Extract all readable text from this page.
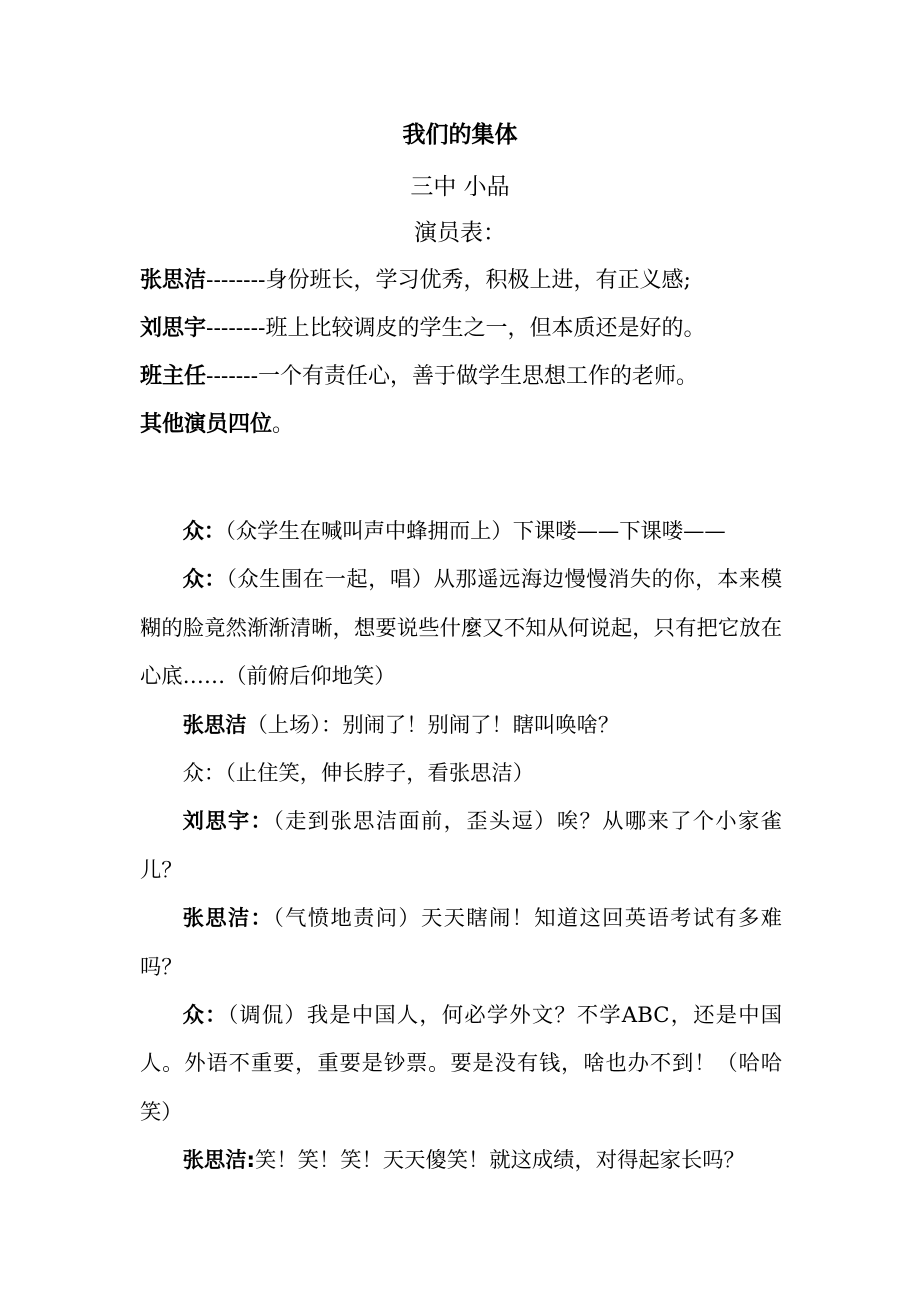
我们的集体
三中 小品
演员表：
张思洁--------身份班长，学习优秀，积极上进，有正义感;
刘思宇--------班上比较调皮的学生之一，但本质还是好的。
班主任-------一个有责任心，善于做学生思想工作的老师。
其他演员四位。

众：（众学生在喊叫声中蜂拥而上）下课喽——下课喽——

众：（众生围在一起，唱）从那遥远海边慢慢消失的你，本来模糊的脸竟然渐渐清晰，想要说些什麼又不知从何说起，只有把它放在心底……（前俯后仰地笑）

张思洁（上场）：别闹了！别闹了！瞎叫唤啥？

众：（止住笑，伸长脖子，看张思洁）

刘思宇：（走到张思洁面前，歪头逗）唉？从哪来了个小家雀儿？

张思洁：（气愤地责问）天天瞎闹！知道这回英语考试有多难吗？

众：（调侃）我是中国人，何必学外文？不学ABC，还是中国人。外语不重要，重要是钞票。要是没有钱，啥也办不到！（哈哈笑）

张思洁:笑！笑！笑！天天傻笑！就这成绩，对得起家长吗？
